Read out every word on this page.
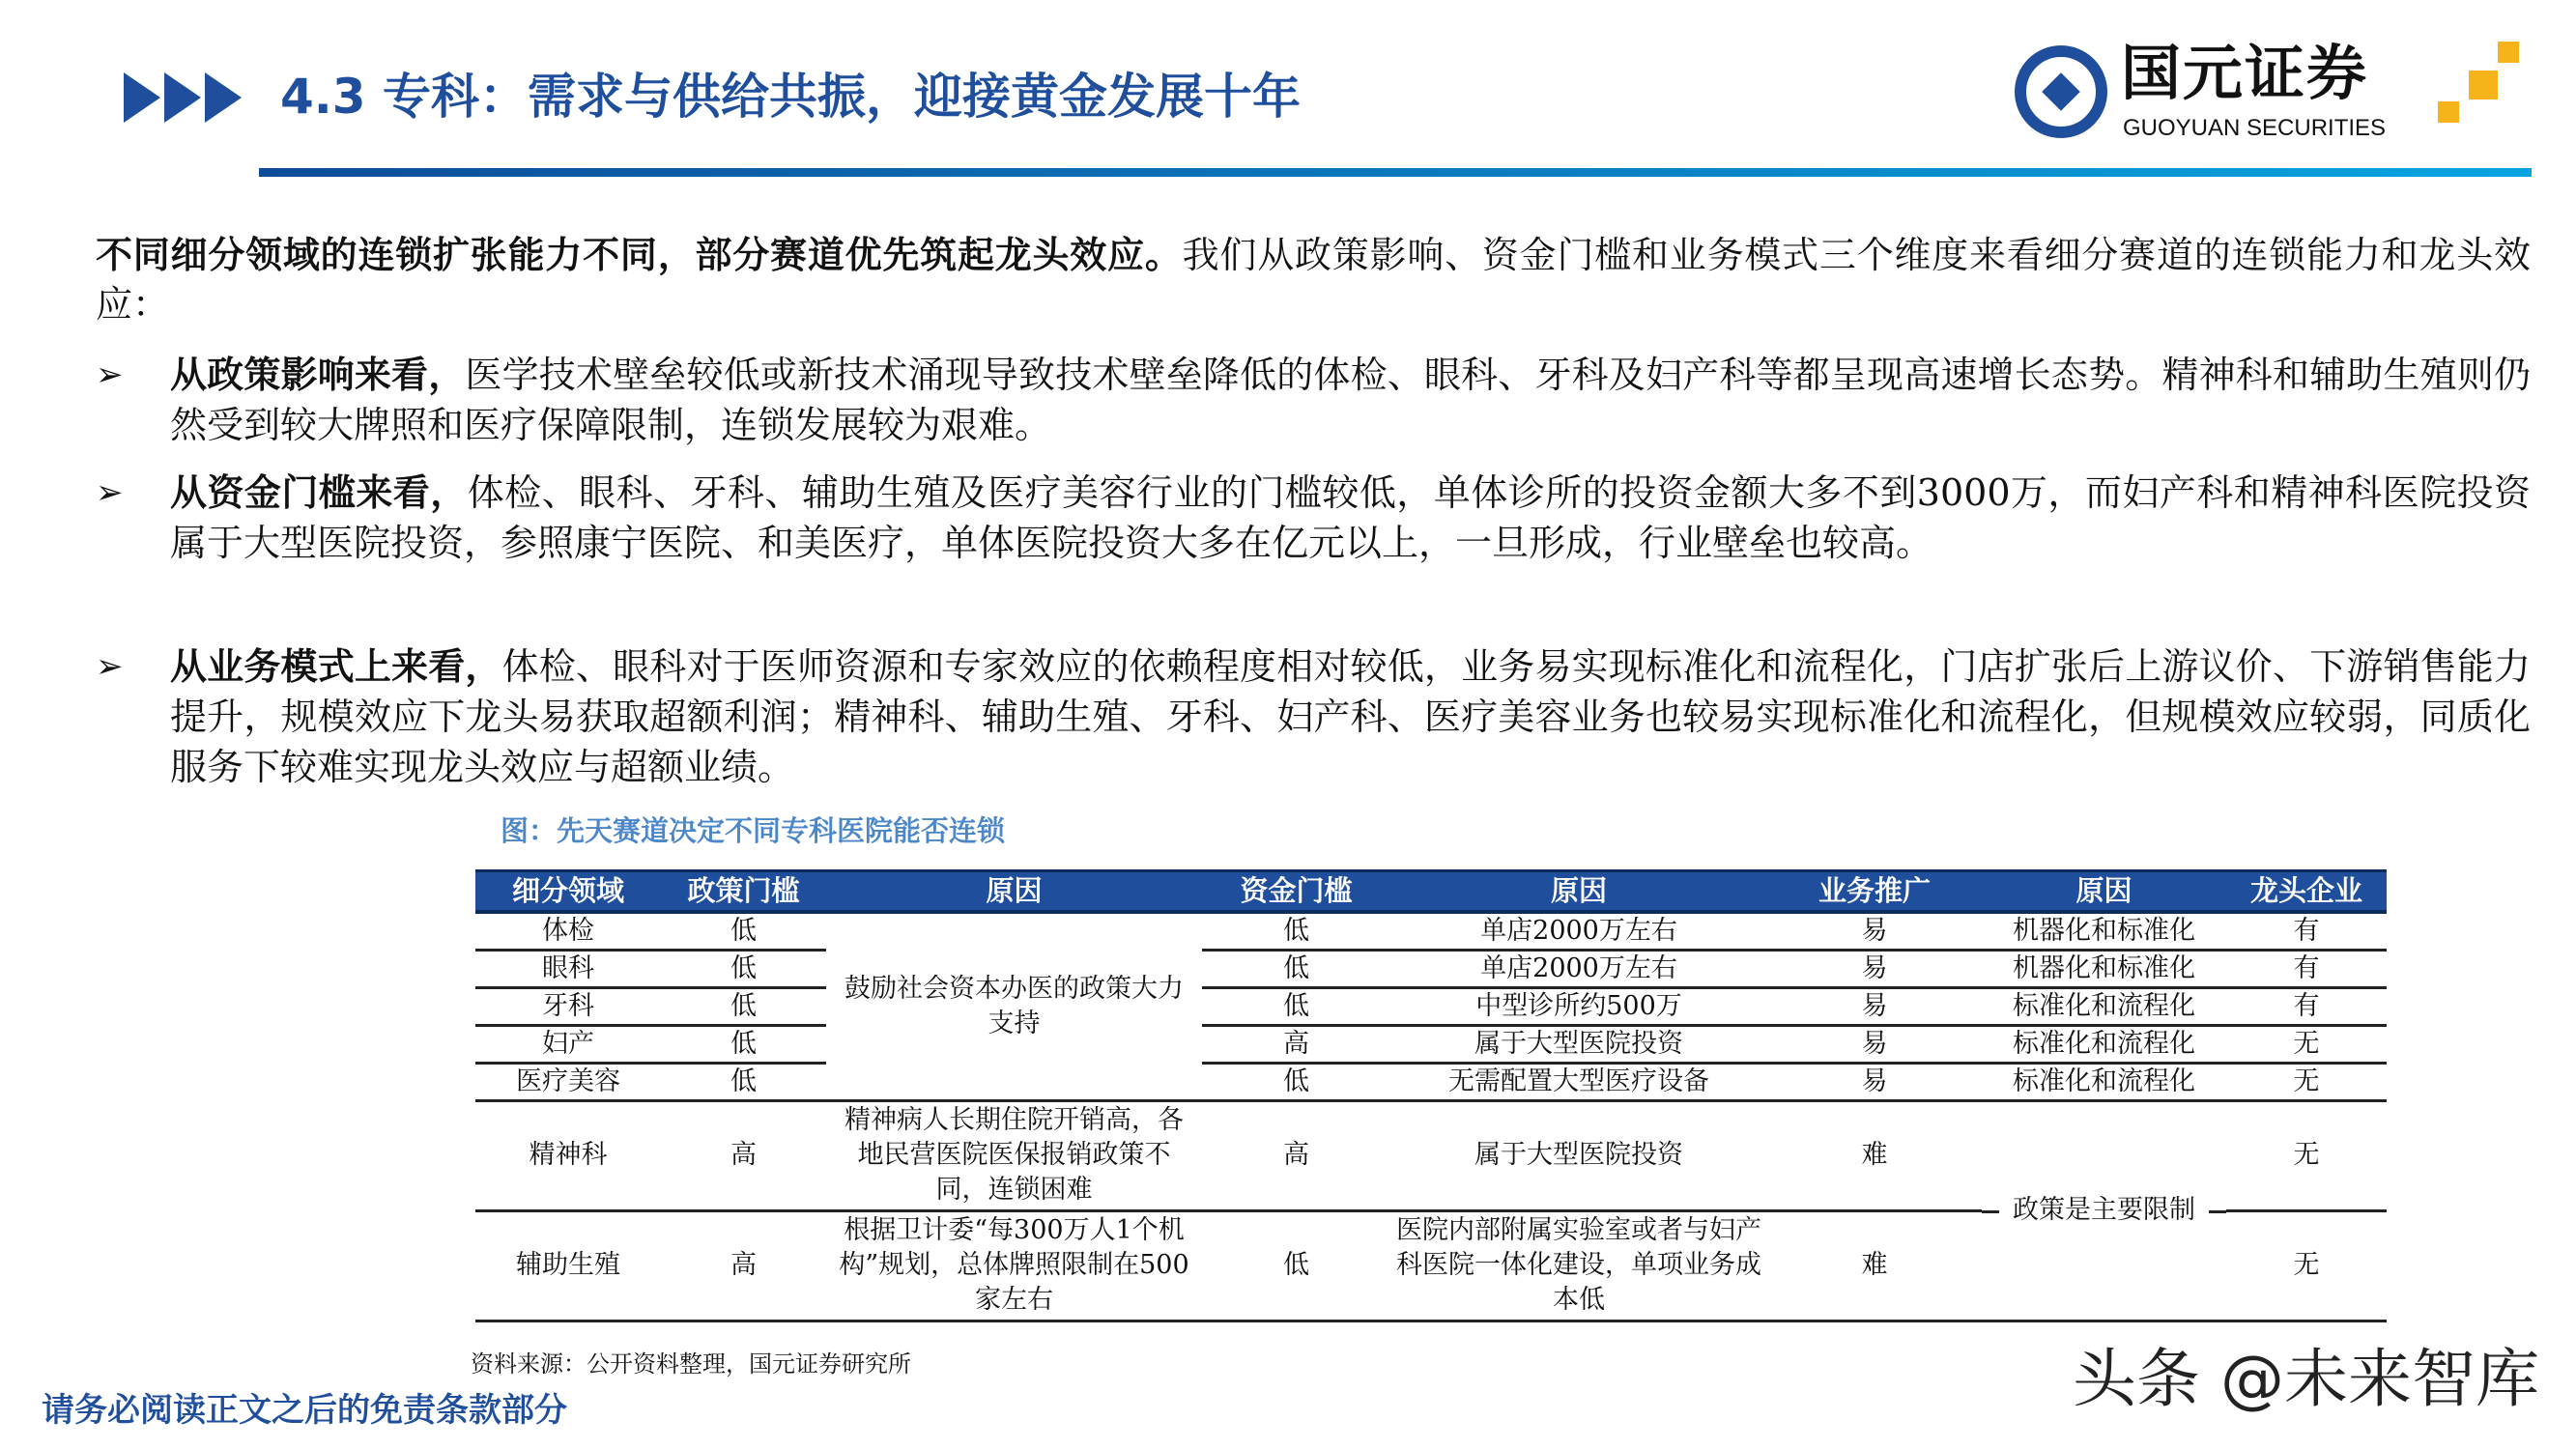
4.3 专科：需求与供给共振，迎接黄金发展十年	国元证券
GUOYUAN SECURITIES
不同细分领域的连锁扩张能力不同，部分赛道优先筑起龙头效应。我们从政策影响、资金门槛和业务模式三个维度来看细分赛道的连锁能力和龙头效应：
➢ 从政策影响来看，医学技术壁垒较低或新技术涌现导致技术壁垒降低的体检、眼科、牙科及妇产科等都呈现高速增长态势。精神科和辅助生殖则仍然受到较大牌照和医疗保障限制，连锁发展较为艰难。
➢ 从资金门槛来看，体检、眼科、牙科、辅助生殖及医疗美容行业的门槛较低，单体诊所的投资金额大多不到3000万，而妇产科和精神科医院投资属于大型医院投资，参照康宁医院、和美医疗，单体医院投资大多在亿元以上，一旦形成，行业壁垒也较高。
➢ 从业务模式上来看，体检、眼科对于医师资源和专家效应的依赖程度相对较低，业务易实现标准化和流程化，门店扩张后上游议价、下游销售能力提升，规模效应下龙头易获取超额利润；精神科、辅助生殖、牙科、妇产科、医疗美容业务也较易实现标准化和流程化，但规模效应较弱，同质化服务下较难实现龙头效应与超额业绩。
图：先天赛道决定不同专科医院能否连锁
细分领域	政策门槛	原因	资金门槛	原因	业务推广	原因	龙头企业
体检	低	鼓励社会资本办医的政策大力支持	低	单店2000万左右	易	机器化和标准化	有
眼科	低		低	单店2000万左右	易	机器化和标准化	有
牙科	低		低	中型诊所约500万	易	标准化和流程化	有
妇产	低		高	属于大型医院投资	易	标准化和流程化	无
医疗美容	低		低	无需配置大型医疗设备	易	标准化和流程化	无
精神科	高	精神病人长期住院开销高，各地民营医院医保报销政策不同，连锁困难	高	属于大型医院投资	难	政策是主要限制	无
辅助生殖	高	根据卫计委“每300万人1个机构”规划，总体牌照限制在500家左右	低	医院内部附属实验室或者与妇产科医院一体化建设，单项业务成本低	难		无
资料来源：公开资料整理，国元证券研究所
请务必阅读正文之后的免责条款部分	头条 @未来智库
